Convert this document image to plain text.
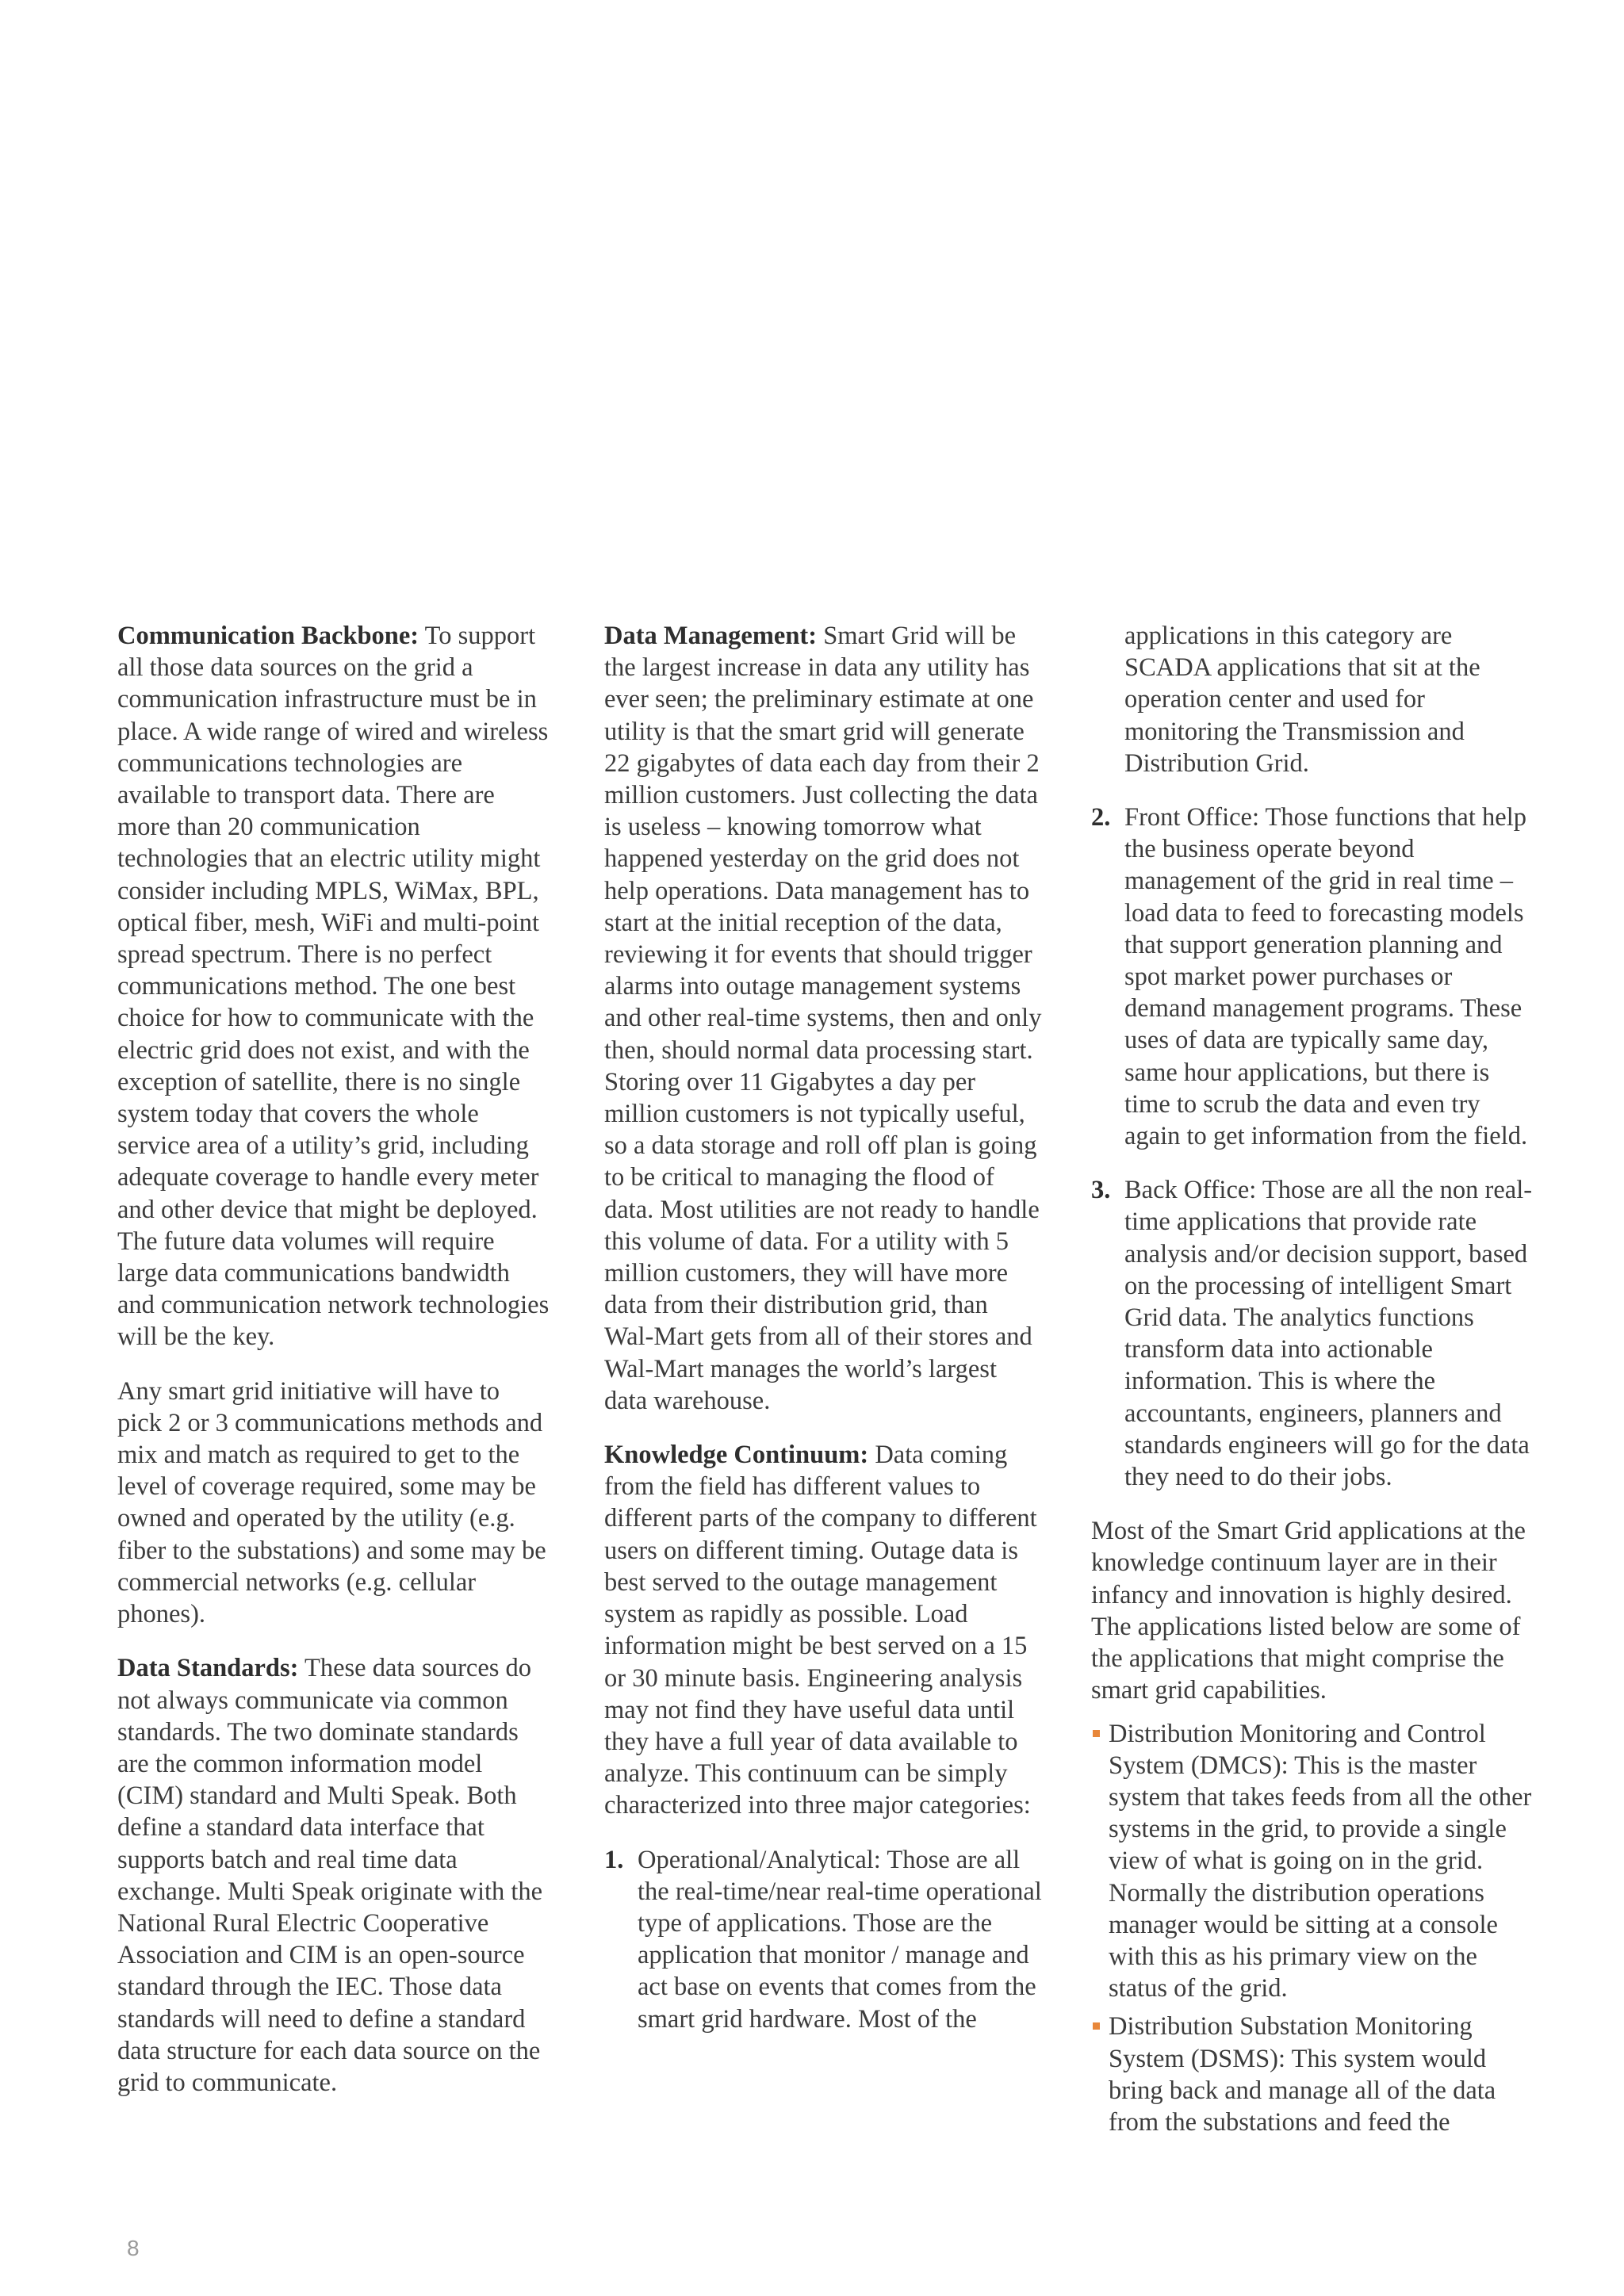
Communication Backbone: To support all those data sources on the grid a communication infrastructure must be in place. A wide range of wired and wireless communications technologies are available to transport data. There are more than 20 communication technologies that an electric utility might consider including MPLS, WiMax, BPL, optical fiber, mesh, WiFi and multi-point spread spectrum. There is no perfect communications method. The one best choice for how to communicate with the electric grid does not exist, and with the exception of satellite, there is no single system today that covers the whole service area of a utility’s grid, including adequate coverage to handle every meter and other device that might be deployed. The future data volumes will require large data communications bandwidth and communication network technologies will be the key.

Any smart grid initiative will have to pick 2 or 3 communications methods and mix and match as required to get to the level of coverage required, some may be owned and operated by the utility (e.g. fiber to the substations) and some may be commercial networks (e.g. cellular phones).

Data Standards: These data sources do not always communicate via common standards. The two dominate standards are the common information model (CIM) standard and Multi Speak. Both define a standard data interface that supports batch and real time data exchange. Multi Speak originate with the National Rural Electric Cooperative Association and CIM is an open-source standard through the IEC. Those data standards will need to define a standard data structure for each data source on the grid to communicate.

Data Management: Smart Grid will be the largest increase in data any utility has ever seen; the preliminary estimate at one utility is that the smart grid will generate 22 gigabytes of data each day from their 2 million customers. Just collecting the data is useless – knowing tomorrow what happened yesterday on the grid does not help operations. Data management has to start at the initial reception of the data, reviewing it for events that should trigger alarms into outage management systems and other real-time systems, then and only then, should normal data processing start. Storing over 11 Gigabytes a day per million customers is not typically useful, so a data storage and roll off plan is going to be critical to managing the flood of data. Most utilities are not ready to handle this volume of data. For a utility with 5 million customers, they will have more data from their distribution grid, than Wal-Mart gets from all of their stores and Wal-Mart manages the world’s largest data warehouse.

Knowledge Continuum: Data coming from the field has different values to different parts of the company to different users on different timing. Outage data is best served to the outage management system as rapidly as possible. Load information might be best served on a 15 or 30 minute basis. Engineering analysis may not find they have useful data until they have a full year of data available to analyze. This continuum can be simply characterized into three major categories:

1. Operational/Analytical: Those are all the real-time/near real-time operational type of applications. Those are the application that monitor / manage and act base on events that comes from the smart grid hardware. Most of the
applications in this category are SCADA applications that sit at the operation center and used for monitoring the Transmission and Distribution Grid.
2. Front Office: Those functions that help the business operate beyond management of the grid in real time – load data to feed to forecasting models that support generation planning and spot market power purchases or demand management programs. These uses of data are typically same day, same hour applications, but there is time to scrub the data and even try again to get information from the field.
3. Back Office: Those are all the non real-time applications that provide rate analysis and/or decision support, based on the processing of intelligent Smart Grid data. The analytics functions transform data into actionable information. This is where the accountants, engineers, planners and standards engineers will go for the data they need to do their jobs.

Most of the Smart Grid applications at the knowledge continuum layer are in their infancy and innovation is highly desired. The applications listed below are some of the applications that might comprise the smart grid capabilities.

Distribution Monitoring and Control System (DMCS): This is the master system that takes feeds from all the other systems in the grid, to provide a single view of what is going on in the grid. Normally the distribution operations manager would be sitting at a console with this as his primary view on the status of the grid.
Distribution Substation Monitoring System (DSMS): This system would bring back and manage all of the data from the substations and feed the
8
